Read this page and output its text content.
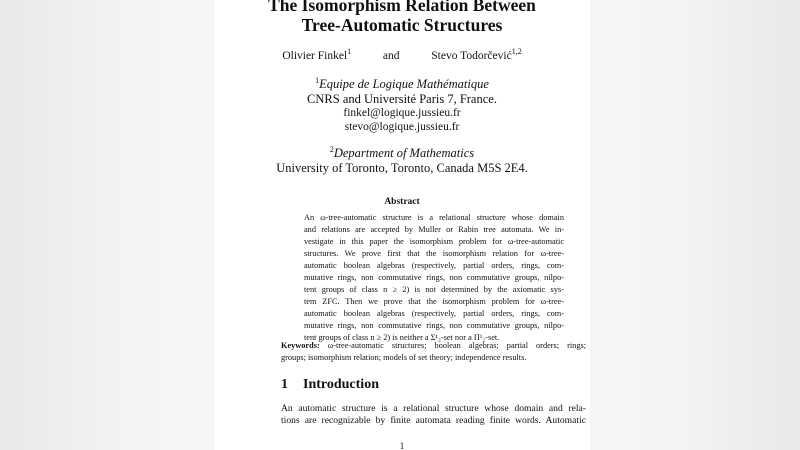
The Isomorphism Relation Between
Tree-Automatic Structures
Olivier Finkel$^1$	and	Stevo Todorčević$^{1,2}$
$^1$Equipe de Logique Mathématique
CNRS and Université Paris 7, France.
finkel@logique.jussieu.fr
stevo@logique.jussieu.fr
$^2$Department of Mathematics
University of Toronto, Toronto, Canada M5S 2E4.
Abstract
An ω-tree-automatic structure is a relational structure whose domain
and relations are accepted by Muller or Rabin tree automata. We in-
vestigate in this paper the isomorphism problem for ω-tree-automatic
structures. We prove first that the isomorphism relation for ω-tree-
automatic boolean algebras (respectively, partial orders, rings, com-
mutative rings, non commutative rings, non commutative groups, nilpo-
tent groups of class n ≥ 2) is not determined by the axiomatic sys-
tem ZFC. Then we prove that the isomorphism problem for ω-tree-
automatic boolean algebras (respectively, partial orders, rings, com-
mutative rings, non commutative rings, non commutative groups, nilpo-
tent groups of class n ≥ 2) is neither a Σ¹₂-set nor a Π¹₂-set.
Keywords: ω-tree-automatic structures; boolean algebras; partial orders; rings;
groups; isomorphism relation; models of set theory; independence results.
1 Introduction
An automatic structure is a relational structure whose domain and rela-
tions are recognizable by finite automata reading finite words. Automatic
1
